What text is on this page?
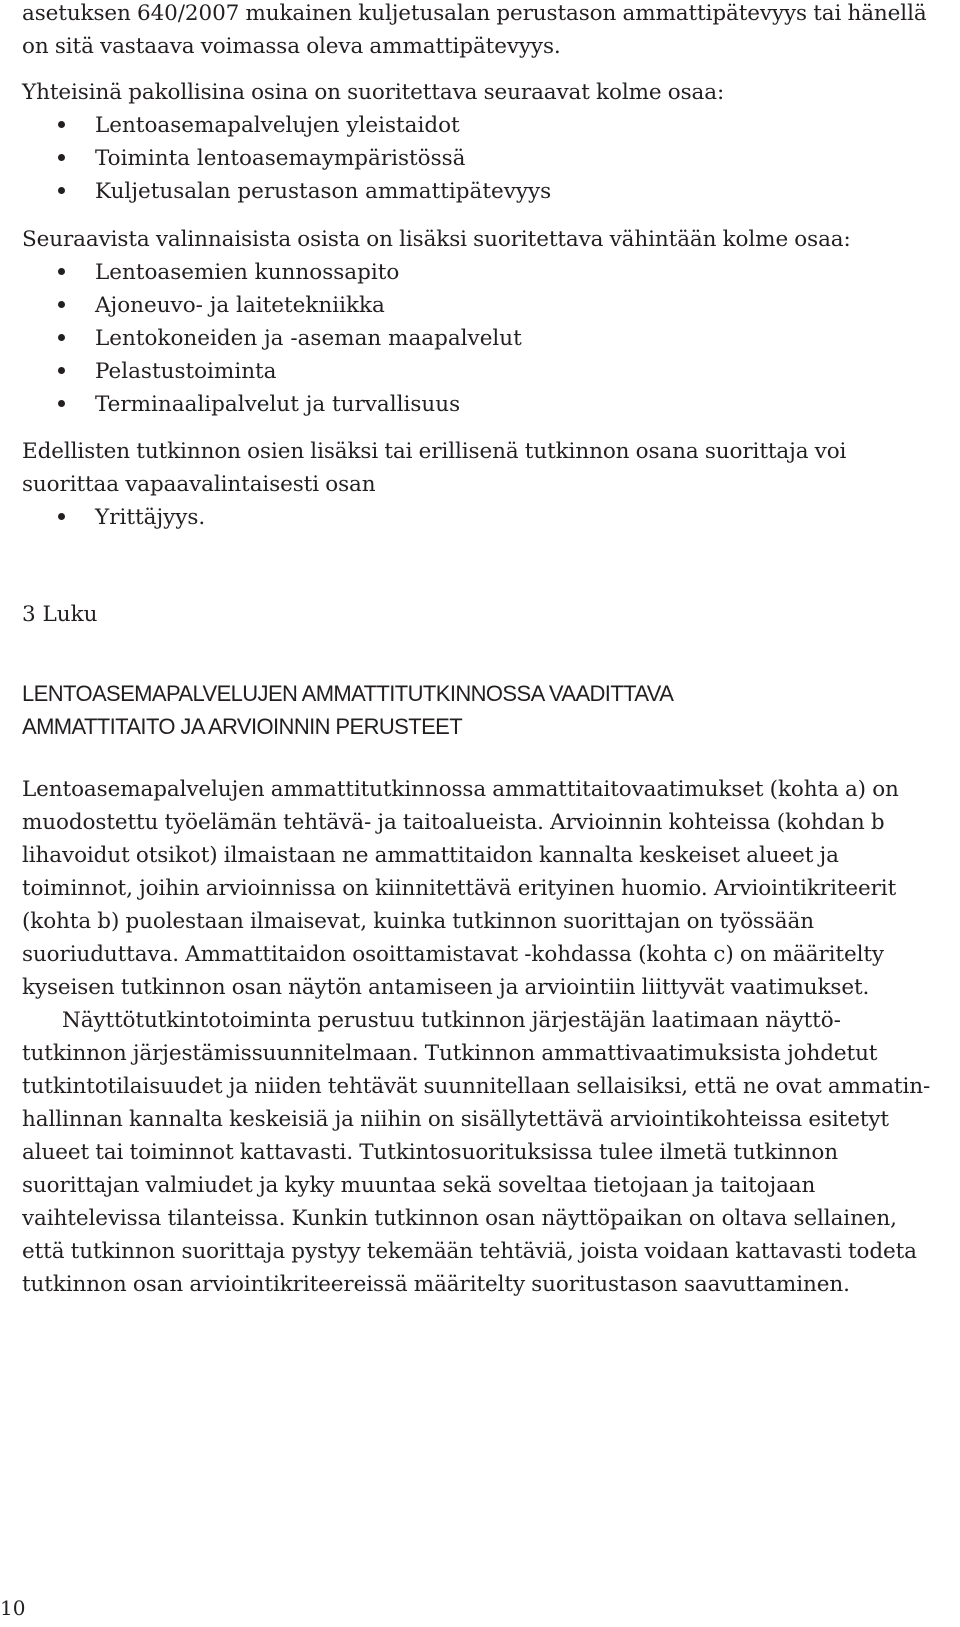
asetuksen 640/2007 mukainen kuljetusalan perustason ammattipätevyys tai hänellä
on sitä vastaava voimassa oleva ammattipätevyys.
Yhteisinä pakollisina osina on suoritettava seuraavat kolme osaa:
Lentoasemapalvelujen yleistaidot
Toiminta lentoasemaympäristössä
Kuljetusalan perustason ammattipätevyys
Seuraavista valinnaisista osista on lisäksi suoritettava vähintään kolme osaa:
Lentoasemien kunnossapito
Ajoneuvo- ja laitetekniikka
Lentokoneiden ja -aseman maapalvelut
Pelastustoiminta
Terminaalipalvelut ja turvallisuus
Edellisten tutkinnon osien lisäksi tai erillisenä tutkinnon osana suorittaja voi
suorittaa vapaavalintaisesti osan
Yrittäjyys.
3 Luku
LENTOASEMAPALVELUJEN AMMATTITUTKINNOSSA VAADITTAVA
AMMATTITAITO JA ARVIOINNIN PERUSTEET
Lentoasemapalvelujen ammattitutkinnossa ammattitaitovaatimukset (kohta a) on
muodostettu työelämän tehtävä- ja taitoalueista. Arvioinnin kohteissa (kohdan b
lihavoidut otsikot) ilmaistaan ne ammattitaidon kannalta keskeiset alueet ja
toiminnot, joihin arvioinnissa on kiinnitettävä erityinen huomio. Arviointikriteerit
(kohta b) puolestaan ilmaisevat, kuinka tutkinnon suorittajan on työssään
suoriuduttava. Ammattitaidon osoittamistavat -kohdassa (kohta c) on määritelty
kyseisen tutkinnon osan näytön antamiseen ja arviointiin liittyvät vaatimukset.
Näyttötutkintotoiminta perustuu tutkinnon järjestäjän laatimaan näyttö-
tutkinnon järjestämissuunnitelmaan. Tutkinnon ammattivaatimuksista johdetut
tutkintotilaisuudet ja niiden tehtävät suunnitellaan sellaisiksi, että ne ovat ammatin-
hallinnan kannalta keskeisiä ja niihin on sisällytettävä arviointikohteissa esitetyt
alueet tai toiminnot kattavasti. Tutkintosuorituksissa tulee ilmetä tutkinnon
suorittajan valmiudet ja kyky muuntaa sekä soveltaa tietojaan ja taitojaan
vaihtelevissa tilanteissa. Kunkin tutkinnon osan näyttöpaikan on oltava sellainen,
että tutkinnon suorittaja pystyy tekemään tehtäviä, joista voidaan kattavasti todeta
tutkinnon osan arviointikriteereissä määritelty suoritustason saavuttaminen.
10
